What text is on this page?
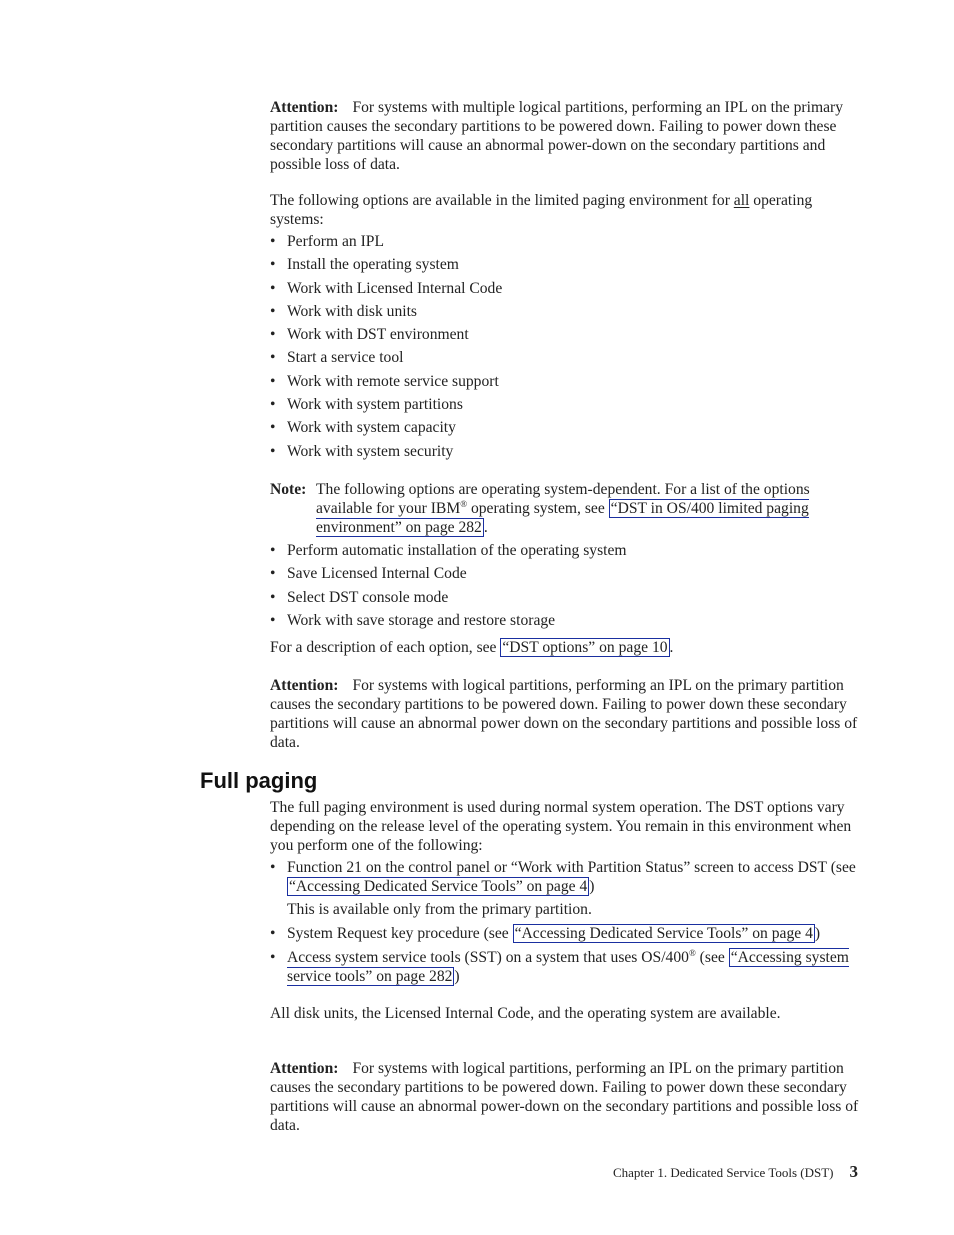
Attention: For systems with multiple logical partitions, performing an IPL on the primary partition causes the secondary partitions to be powered down. Failing to power down these secondary partitions will cause an abnormal power-down on the secondary partitions and possible loss of data.

The following options are available in the limited paging environment for all operating systems:

• Perform an IPL
• Install the operating system
• Work with Licensed Internal Code
• Work with disk units
• Work with DST environment
• Start a service tool
• Work with remote service support
• Work with system partitions
• Work with system capacity
• Work with system security
Note: The following options are operating system-dependent. For a list of the options available for your IBM® operating system, see “DST in OS/400 limited paging environment” on page 282 .
• Perform automatic installation of the operating system
• Save Licensed Internal Code
• Select DST console mode
• Work with save storage and restore storage

For a description of each option, see “DST options” on page 10 .

Attention: For systems with logical partitions, performing an IPL on the primary partition causes the secondary partitions to be powered down. Failing to power down these secondary partitions will cause an abnormal power down on the secondary partitions and possible loss of data.

Full paging

The full paging environment is used during normal system operation. The DST options vary depending on the release level of the operating system. You remain in this environment when you perform one of the following:

• Function 21 on the control panel or “Work with Partition Status” screen to access DST (see “Accessing Dedicated Service Tools” on page 4 )

This is available only from the primary partition.

• System Request key procedure (see “Accessing Dedicated Service Tools” on page 4 )
• Access system service tools (SST) on a system that uses OS/400® (see “Accessing system service tools” on page 282 )

All disk units, the Licensed Internal Code, and the operating system are available.

Attention: For systems with logical partitions, performing an IPL on the primary partition causes the secondary partitions to be powered down. Failing to power down these secondary partitions will cause an abnormal power-down on the secondary partitions and possible loss of data.

Chapter 1. Dedicated Service Tools (DST) 3
